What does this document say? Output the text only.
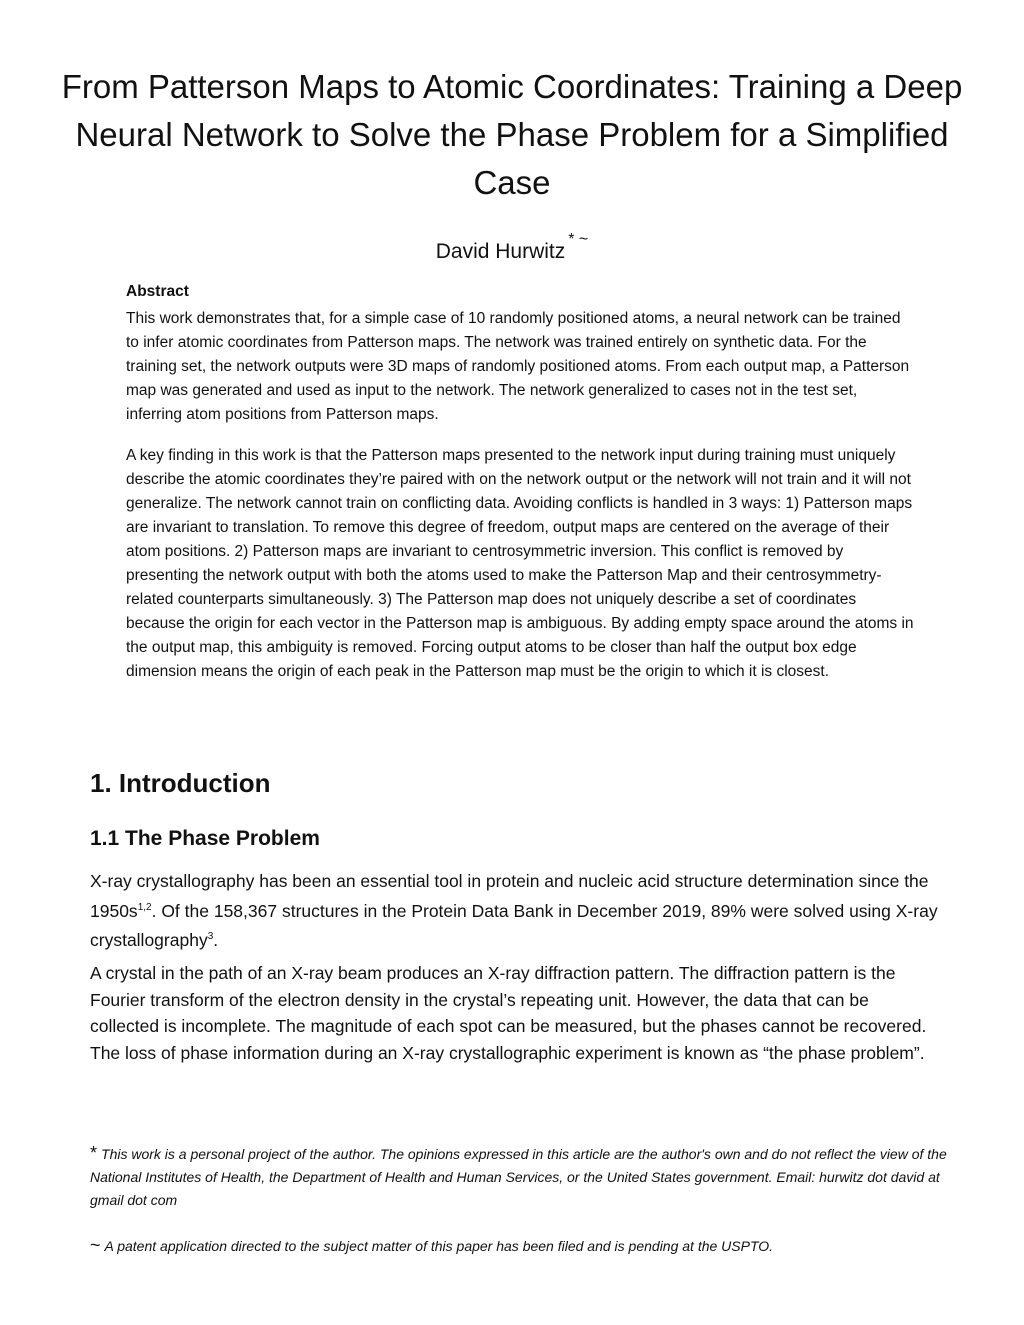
From Patterson Maps to Atomic Coordinates: Training a Deep Neural Network to Solve the Phase Problem for a Simplified Case
David Hurwitz* ~
Abstract

This work demonstrates that, for a simple case of 10 randomly positioned atoms, a neural network can be trained to infer atomic coordinates from Patterson maps. The network was trained entirely on synthetic data. For the training set, the network outputs were 3D maps of randomly positioned atoms. From each output map, a Patterson map was generated and used as input to the network. The network generalized to cases not in the test set, inferring atom positions from Patterson maps.

A key finding in this work is that the Patterson maps presented to the network input during training must uniquely describe the atomic coordinates they’re paired with on the network output or the network will not train and it will not generalize. The network cannot train on conflicting data. Avoiding conflicts is handled in 3 ways: 1) Patterson maps are invariant to translation. To remove this degree of freedom, output maps are centered on the average of their atom positions. 2) Patterson maps are invariant to centrosymmetric inversion. This conflict is removed by presenting the network output with both the atoms used to make the Patterson Map and their centrosymmetry-related counterparts simultaneously. 3) The Patterson map does not uniquely describe a set of coordinates because the origin for each vector in the Patterson map is ambiguous. By adding empty space around the atoms in the output map, this ambiguity is removed. Forcing output atoms to be closer than half the output box edge dimension means the origin of each peak in the Patterson map must be the origin to which it is closest.

1. Introduction
1.1 The Phase Problem

X-ray crystallography has been an essential tool in protein and nucleic acid structure determination since the $1950s^{1,2}$. Of the 158,367 structures in the Protein Data Bank in December 2019, 89% were solved using X-ray crystallography$^3$.

A crystal in the path of an X-ray beam produces an X-ray diffraction pattern. The diffraction pattern is the Fourier transform of the electron density in the crystal’s repeating unit. However, the data that can be collected is incomplete. The magnitude of each spot can be measured, but the phases cannot be recovered. The loss of phase information during an X-ray crystallographic experiment is known as “the phase problem”.

* This work is a personal project of the author. The opinions expressed in this article are the author's own and do not reflect the view of the National Institutes of Health, the Department of Health and Human Services, or the United States government. Email: hurwitz dot david at gmail dot com

~ A patent application directed to the subject matter of this paper has been filed and is pending at the USPTO.
